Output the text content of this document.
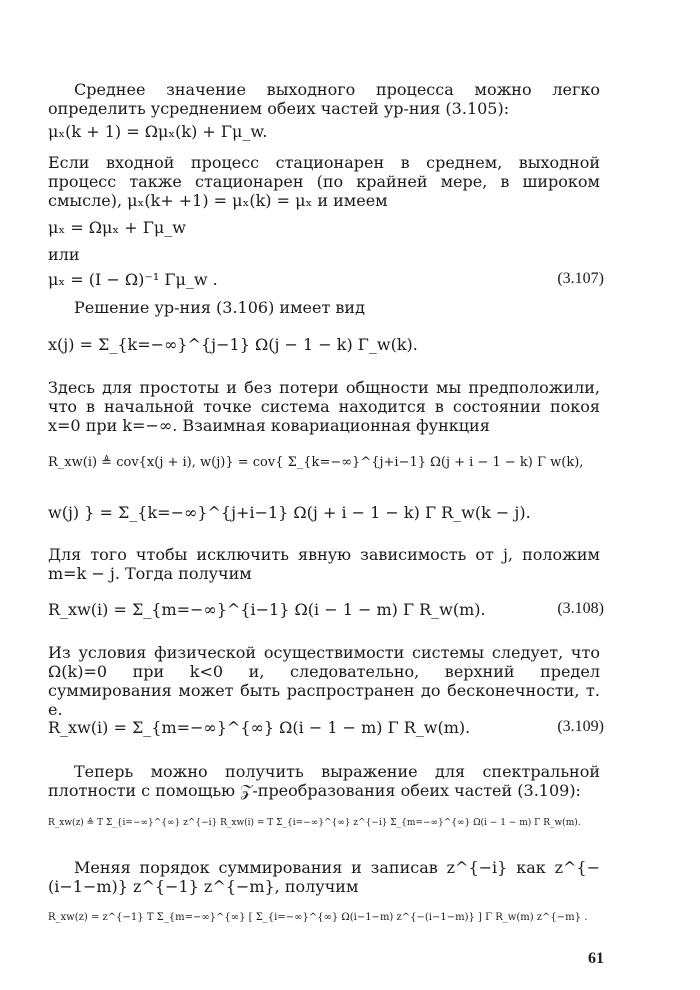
Среднее значение выходного процесса можно легко определить усреднением обеих частей ур-ния (3.105):

μₓ(k + 1) = Ωμₓ(k) + Γμ_w.

Если входной процесс стационарен в среднем, выходной процесс также стационарен (по крайней мере, в широком смысле), μₓ(k+ +1) = μₓ(k) = μₓ и имеем

μₓ = Ωμₓ + Γμ_w
или
μₓ = (I − Ω)⁻¹ Γμ_w .	(3.107)

Решение ур-ния (3.106) имеет вид

x(j) = Σ_{k=−∞}^{j−1} Ω(j − 1 − k) Γ_w(k).

Здесь для простоты и без потери общности мы предположили, что в начальной точке система находится в состоянии покоя x=0 при k=−∞. Взаимная ковариационная функция

R_xw(i) ≜ cov{x(j + i), w(j)} = cov{ Σ_{k=−∞}^{j+i−1} Ω(j + i − 1 − k) Γ w(k),
w(j) } = Σ_{k=−∞}^{j+i−1} Ω(j + i − 1 − k) Γ R_w(k − j).

Для того чтобы исключить явную зависимость от j, положим m=k − j. Тогда получим

R_xw(i) = Σ_{m=−∞}^{i−1} Ω(i − 1 − m) Γ R_w(m).	(3.108)

Из условия физической осуществимости системы следует, что Ω(k)=0 при k<0 и, следовательно, верхний предел суммирования может быть распространен до бесконечности, т. е.

R_xw(i) = Σ_{m=−∞}^{∞} Ω(i − 1 − m) Γ R_w(m).	(3.109)

Теперь можно получить выражение для спектральной плотности с помощью 𝒵-преобразования обеих частей (3.109):

R_xw(z) ≜ T Σ_{i=−∞}^{∞} z^{−i} R_xw(i) = T Σ_{i=−∞}^{∞} z^{−i} Σ_{m=−∞}^{∞} Ω(i − 1 − m) Γ R_w(m).

Меняя порядок суммирования и записав z^{−i} как z^{−(i−1−m)} z^{−1} z^{−m}, получим

R_xw(z) = z^{−1} T Σ_{m=−∞}^{∞} [ Σ_{i=−∞}^{∞} Ω(i−1−m) z^{−(i−1−m)} ] Γ R_w(m) z^{−m} .
61
